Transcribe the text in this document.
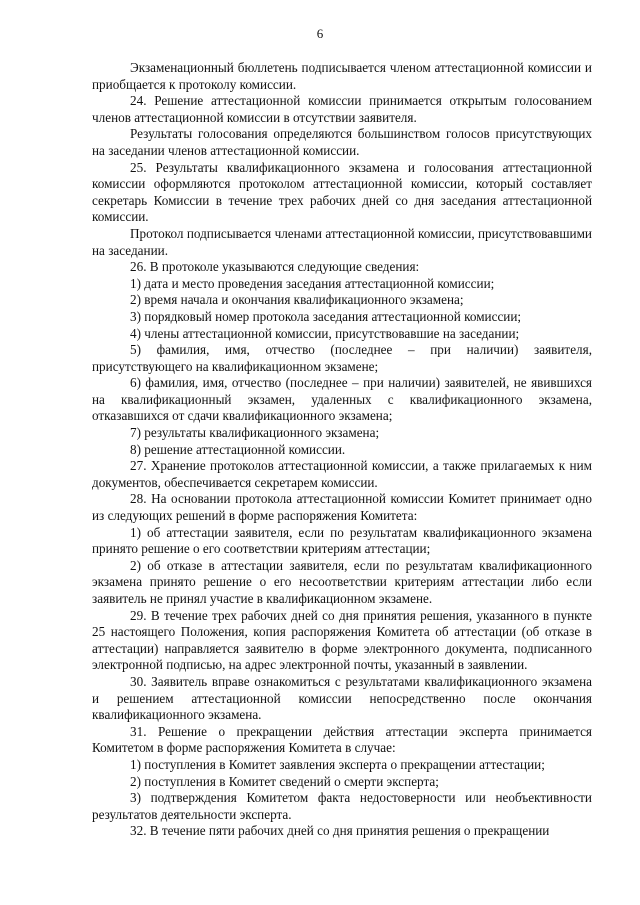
6

Экзаменационный бюллетень подписывается членом аттестационной комиссии и приобщается к протоколу комиссии.

24. Решение аттестационной комиссии принимается открытым голосованием членов аттестационной комиссии в отсутствии заявителя.

Результаты голосования определяются большинством голосов присутствующих на заседании членов аттестационной комиссии.

25. Результаты квалификационного экзамена и голосования аттестационной комиссии оформляются протоколом аттестационной комиссии, который составляет секретарь Комиссии в течение трех рабочих дней со дня заседания аттестационной комиссии.

Протокол подписывается членами аттестационной комиссии, присутствовавшими на заседании.

26. В протоколе указываются следующие сведения:

1) дата и место проведения заседания аттестационной комиссии;

2) время начала и окончания квалификационного экзамена;

3) порядковый номер протокола заседания аттестационной комиссии;

4) члены аттестационной комиссии, присутствовавшие на заседании;

5) фамилия, имя, отчество (последнее – при наличии) заявителя, присутствующего на квалификационном экзамене;

6) фамилия, имя, отчество (последнее – при наличии) заявителей, не явившихся на квалификационный экзамен, удаленных с квалификационного экзамена, отказавшихся от сдачи квалификационного экзамена;

7) результаты квалификационного экзамена;

8) решение аттестационной комиссии.

27. Хранение протоколов аттестационной комиссии, а также прилагаемых к ним документов, обеспечивается секретарем комиссии.

28. На основании протокола аттестационной комиссии Комитет принимает одно из следующих решений в форме распоряжения Комитета:

1) об аттестации заявителя, если по результатам квалификационного экзамена принято решение о его соответствии критериям аттестации;

2) об отказе в аттестации заявителя, если по результатам квалификационного экзамена принято решение о его несоответствии критериям аттестации либо если заявитель не принял участие в квалификационном экзамене.

29. В течение трех рабочих дней со дня принятия решения, указанного в пункте 25 настоящего Положения, копия распоряжения Комитета об аттестации (об отказе в аттестации) направляется заявителю в форме электронного документа, подписанного электронной подписью, на адрес электронной почты, указанный в заявлении.

30. Заявитель вправе ознакомиться с результатами квалификационного экзамена и решением аттестационной комиссии непосредственно после окончания квалификационного экзамена.

31. Решение о прекращении действия аттестации эксперта принимается Комитетом в форме распоряжения Комитета в случае:

1) поступления в Комитет заявления эксперта о прекращении аттестации;

2) поступления в Комитет сведений о смерти эксперта;

3) подтверждения Комитетом факта недостоверности или необъективности результатов деятельности эксперта.

32. В течение пяти рабочих дней со дня принятия решения о прекращении
